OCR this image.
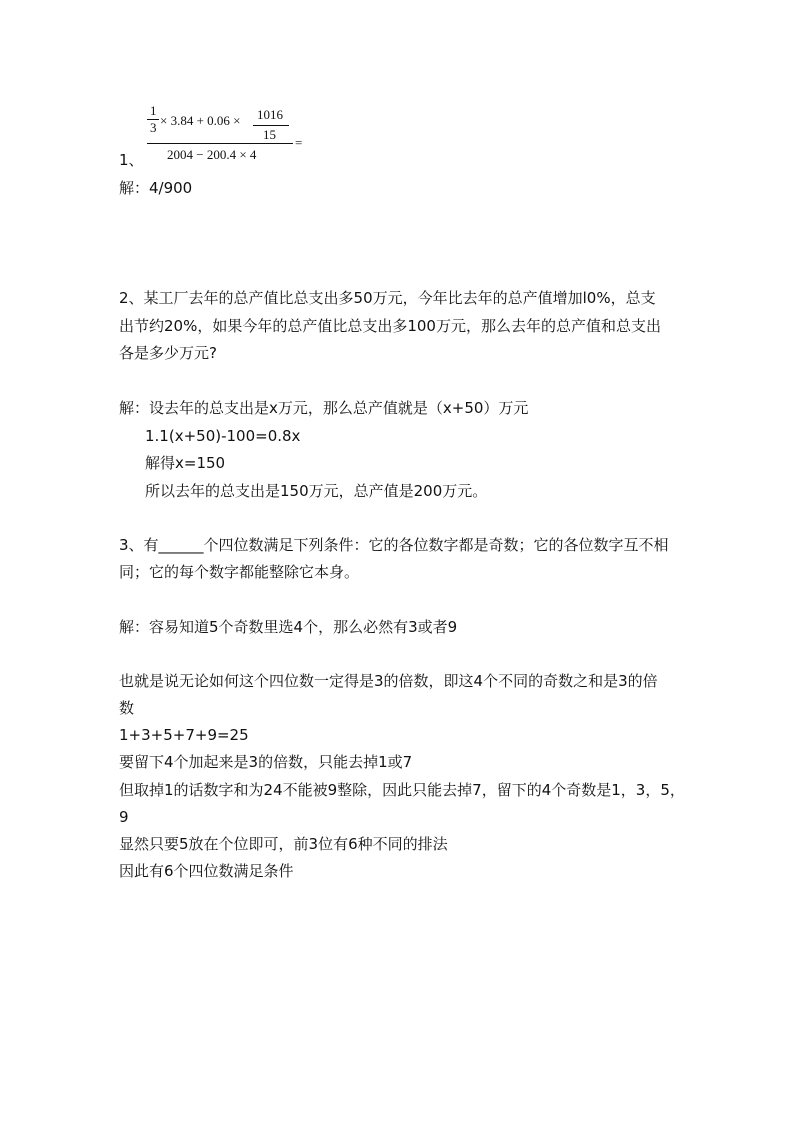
1
3 × 3.84 + 0.06 × 1016
15
2004 − 200.4 × 4
=
1、
解：4/900
2、某工厂去年的总产值比总支出多50万元，今年比去年的总产值增加l0%，总支
出节约20%，如果今年的总产值比总支出多100万元，那么去年的总产值和总支出
各是多少万元?
解：设去年的总支出是x万元，那么总产值就是（x+50）万元
1.1(x+50)-100=0.8x
解得x=150
所以去年的总支出是150万元，总产值是200万元。
3、有______个四位数满足下列条件：它的各位数字都是奇数；它的各位数字互不相
同；它的每个数字都能整除它本身。
解：容易知道5个奇数里选4个，那么必然有3或者9
也就是说无论如何这个四位数一定得是3的倍数，即这4个不同的奇数之和是3的倍
数
1+3+5+7+9=25
要留下4个加起来是3的倍数，只能去掉1或7
但取掉1的话数字和为24不能被9整除，因此只能去掉7，留下的4个奇数是1，3，5，
9
显然只要5放在个位即可，前3位有6种不同的排法
因此有6个四位数满足条件
